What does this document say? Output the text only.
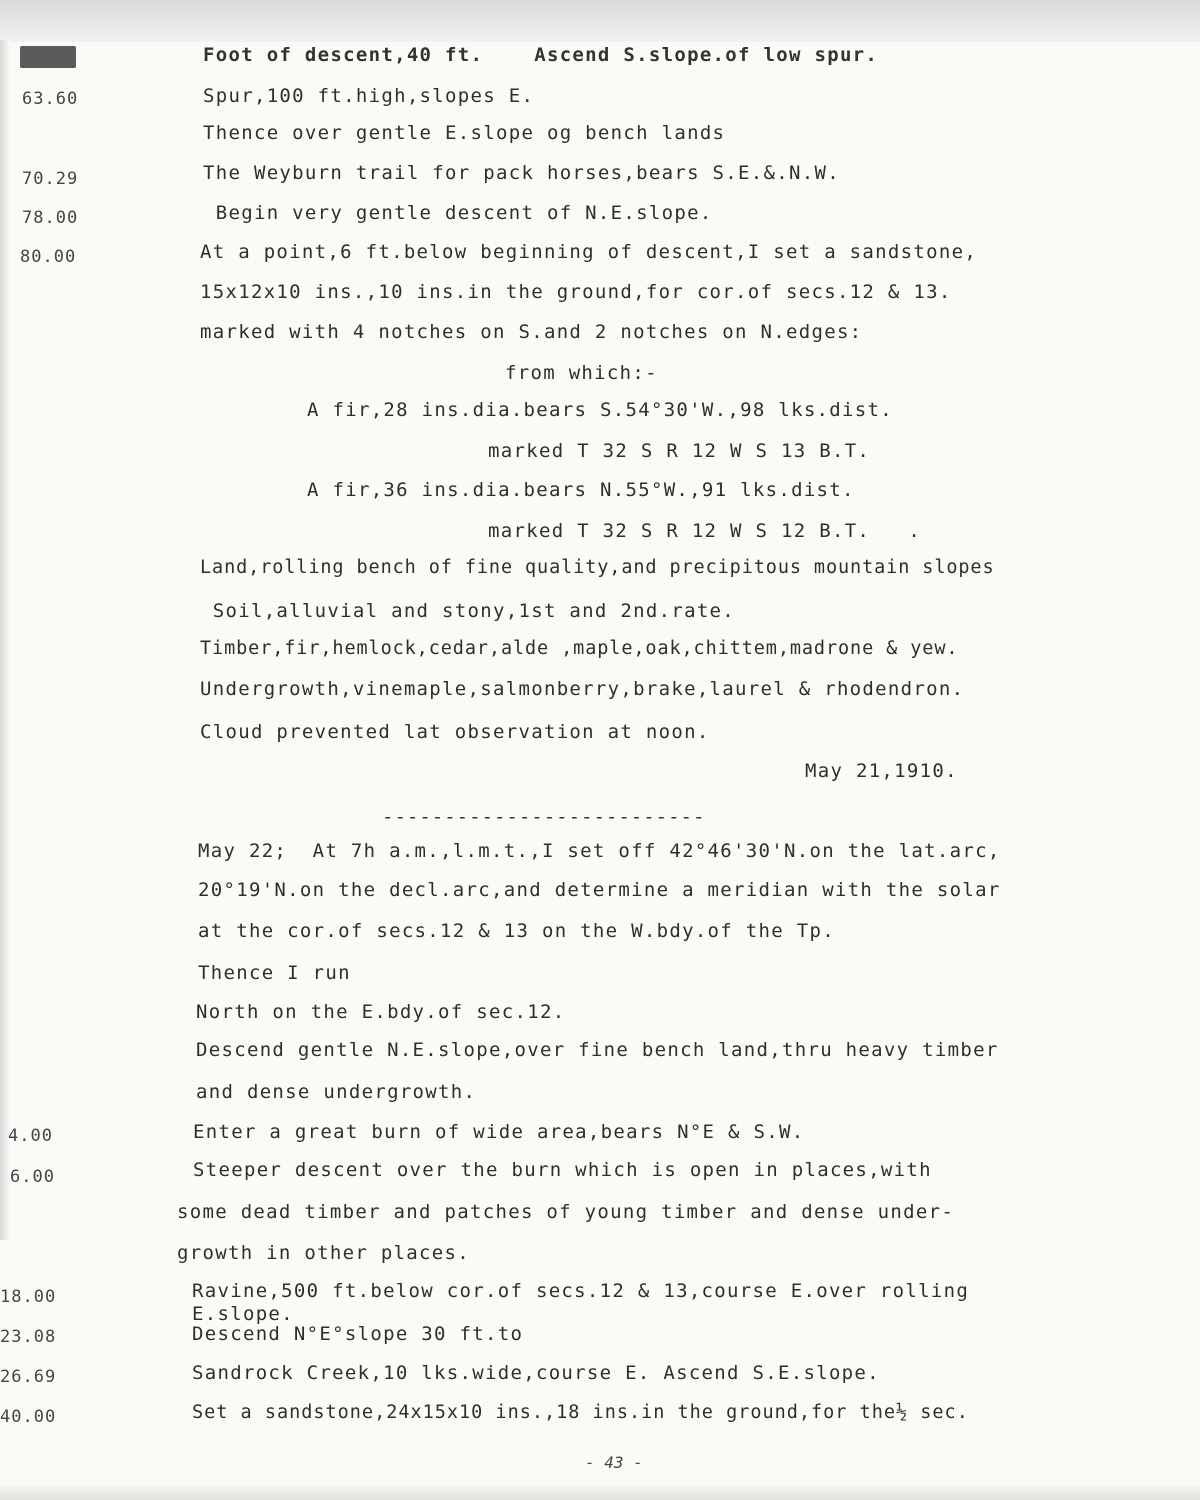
59.61	Foot of descent,40 ft.    Ascend S.slope.of low spur.
63.60	Spur,100 ft.high,slopes E.
Thence over gentle E.slope og bench lands
70.29	The Weyburn trail for pack horses,bears S.E.&.N.W.
78.00	Begin very gentle descent of N.E.slope.
80.00	At a point,6 ft.below beginning of descent,I set a sandstone,
15x12x10 ins.,10 ins.in the ground,for cor.of secs.12 & 13.
marked with 4 notches on S.and 2 notches on N.edges:
from which:-
A fir,28 ins.dia.bears S.54°30'W.,98 lks.dist.
marked T 32 S R 12 W S 13 B.T.
A fir,36 ins.dia.bears N.55°W.,91 lks.dist.
marked T 32 S R 12 W S 12 B.T.   .
Land,rolling bench of fine quality,and precipitous mountain slopes
Soil,alluvial and stony,1st and 2nd.rate.
Timber,fir,hemlock,cedar,alde ,maple,oak,chittem,madrone & yew.
Undergrowth,vinemaple,salmonberry,brake,laurel & rhodendron.
Cloud prevented lat observation at noon.
May 21,1910.
--------------------------
May 22;  At 7h a.m.,l.m.t.,I set off 42°46'30'N.on the lat.arc,
20°19'N.on the decl.arc,and determine a meridian with the solar
at the cor.of secs.12 & 13 on the W.bdy.of the Tp.
Thence I run
North on the E.bdy.of sec.12.
Descend gentle N.E.slope,over fine bench land,thru heavy timber
and dense undergrowth.
4.00	Enter a great burn of wide area,bears N°E & S.W.
6.00	Steeper descent over the burn which is open in places,with
some dead timber and patches of young timber and dense under-
growth in other places.
18.00	Ravine,500 ft.below cor.of secs.12 & 13,course E.over rolling
E.slope.
23.08	Descend N°E°slope 30 ft.to
26.69	Sandrock Creek,10 lks.wide,course E. Ascend S.E.slope.
40.00	Set a sandstone,24x15x10 ins.,18 ins.in the ground,for the½ sec.
- 43 -
